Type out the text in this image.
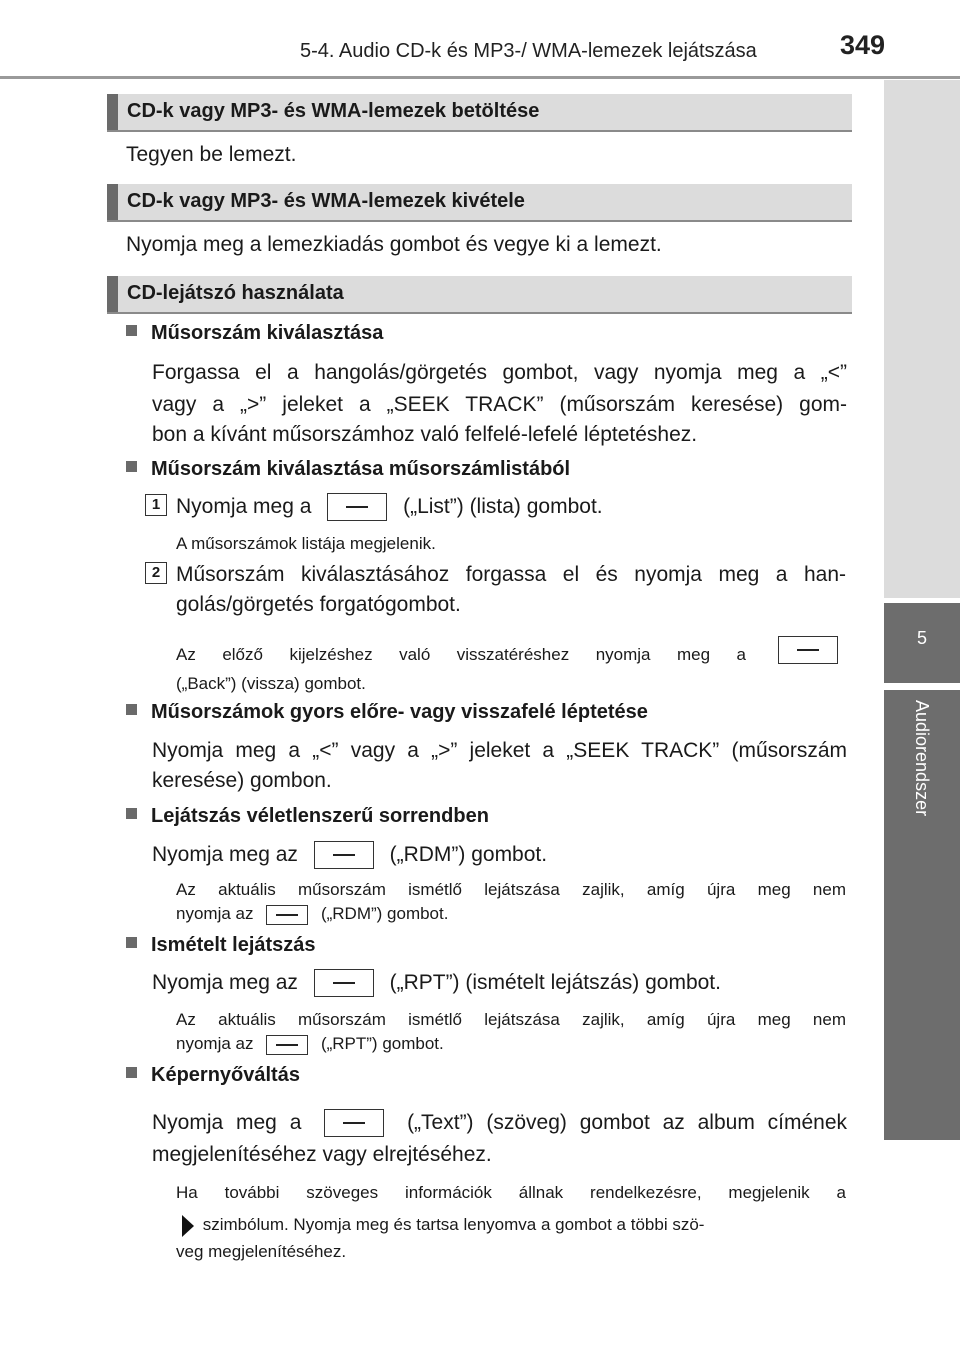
5-4. Audio CD-k és MP3-/ WMA-lemezek lejátszása	349
5
Audiorendszer
CD-k vagy MP3- és WMA-lemezek betöltése
Tegyen be lemezt.
CD-k vagy MP3- és WMA-lemezek kivétele
Nyomja meg a lemezkiadás gombot és vegye ki a lemezt.
CD-lejátszó használata
Műsorszám kiválasztása
Forgassa el a hangolás/görgetés gombot, vagy nyomja meg a „<”
vagy a „>” jeleket a „SEEK TRACK” (műsorszám keresése) gom-
bon a kívánt műsorszámhoz való felfelé-lefelé léptetéshez.
Műsorszám kiválasztása műsorszámlistából
1 Nyomja meg a	(„List”) (lista) gombot.
A műsorszámok listája megjelenik.
2 Műsorszám kiválasztásához forgassa el és nyomja meg a han-
golás/görgetés forgatógombot.
Az előző kijelzéshez való visszatéréshez nyomja meg a
(„Back”) (vissza) gombot.
Műsorszámok gyors előre- vagy visszafelé léptetése
Nyomja meg a „<” vagy a „>” jeleket a „SEEK TRACK” (műsorszám
keresése) gombon.
Lejátszás véletlenszerű sorrendben
Nyomja meg az	(„RDM”) gombot.
Az aktuális műsorszám ismétlő lejátszása zajlik, amíg újra meg nem
nyomja az	(„RDM”) gombot.
Ismételt lejátszás
Nyomja meg az	(„RPT”) (ismételt lejátszás) gombot.
Az aktuális műsorszám ismétlő lejátszása zajlik, amíg újra meg nem
nyomja az	(„RPT”) gombot.
Képernyőváltás
Nyomja meg a	(„Text”) (szöveg) gombot az album címének
megjelenítéséhez vagy elrejtéséhez.
Ha további szöveges információk állnak rendelkezésre, megjelenik a
szimbólum. Nyomja meg és tartsa lenyomva a gombot a többi szö-
veg megjelenítéséhez.
